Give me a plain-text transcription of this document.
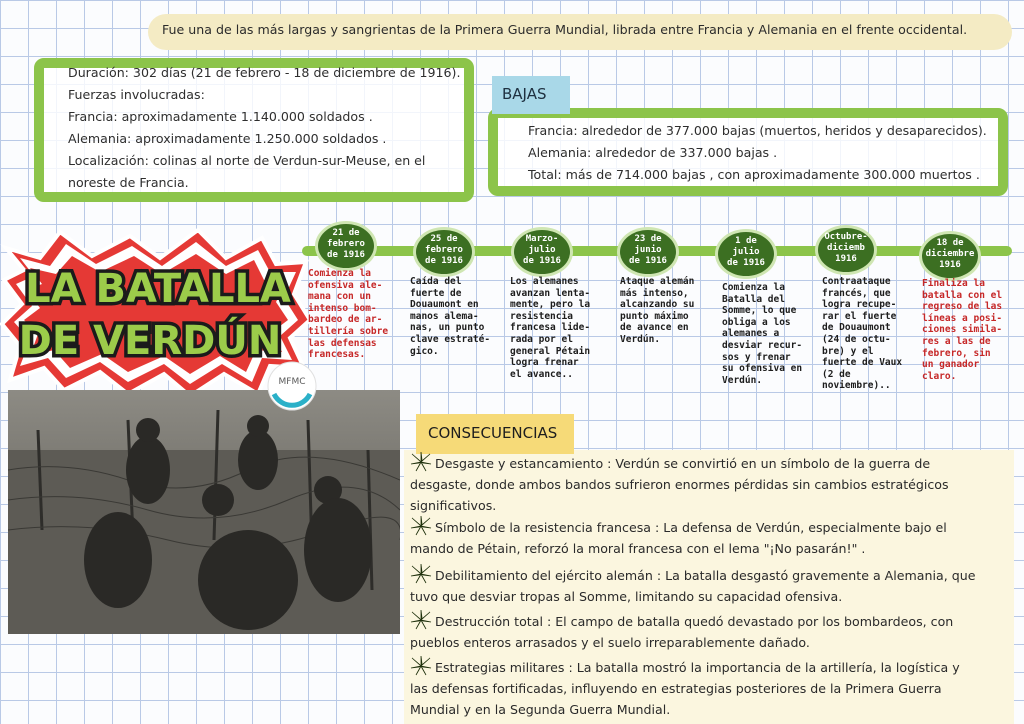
Fue una de las más largas y sangrientas de la Primera Guerra Mundial, librada entre Francia y Alemania en el frente occidental.
Duración: 302 días (21 de febrero - 18 de diciembre de 1916).
Fuerzas involucradas:
Francia: aproximadamente 1.140.000 soldados .
Alemania: aproximadamente 1.250.000 soldados .
Localización: colinas al norte de Verdun-sur-Meuse, en el
noreste de Francia.
BAJAS
Francia: alrededor de 377.000 bajas (muertos, heridos y desaparecidos).
Alemania: alrededor de 337.000 bajas .
Total: más de 714.000 bajas , con aproximadamente 300.000 muertos .
LA BATALLA
DE VERDÚN
MFMC
21 de
febrero
de 1916
Comienza la
ofensiva ale-
mana con un
intenso bom-
bardeo de ar-
tillería sobre
las defensas
francesas.
25 de
febrero
de 1916
Caída del
fuerte de
Douaumont en
manos alema-
nas, un punto
clave estraté-
gico.
Marzo-
julio
de 1916
Los alemanes
avanzan lenta-
mente, pero la
resistencia
francesa lide-
rada por el
general Pétain
logra frenar
el avance..
23 de
junio
de 1916
Ataque alemán
más intenso,
alcanzando su
punto máximo
de avance en
Verdún.
1 de
julio
de 1916
Comienza la
Batalla del
Somme, lo que
obliga a los
alemanes a
desviar recur-
sos y frenar
su ofensiva en
Verdún.
Octubre-
diciemb
1916
Contraataque
francés, que
logra recupe-
rar el fuerte
de Douaumont
(24 de octu-
bre) y el
fuerte de Vaux
(2 de
noviembre)..
18 de
diciembre
1916
Finaliza la
batalla con el
regreso de las
líneas a posi-
ciones simila-
res a las de
febrero, sin
un ganador
claro.
CONSECUENCIAS
Desgaste y estancamiento : Verdún se convirtió en un símbolo de la guerra de
desgaste, donde ambos bandos sufrieron enormes pérdidas sin cambios estratégicos
significativos.
Símbolo de la resistencia francesa : La defensa de Verdún, especialmente bajo el
mando de Pétain, reforzó la moral francesa con el lema "¡No pasarán!" .
Debilitamiento del ejército alemán : La batalla desgastó gravemente a Alemania, que
tuvo que desviar tropas al Somme, limitando su capacidad ofensiva.
Destrucción total : El campo de batalla quedó devastado por los bombardeos, con
pueblos enteros arrasados y el suelo irreparablemente dañado.
Estrategias militares : La batalla mostró la importancia de la artillería, la logística y
las defensas fortificadas, influyendo en estrategias posteriores de la Primera Guerra
Mundial y en la Segunda Guerra Mundial.
